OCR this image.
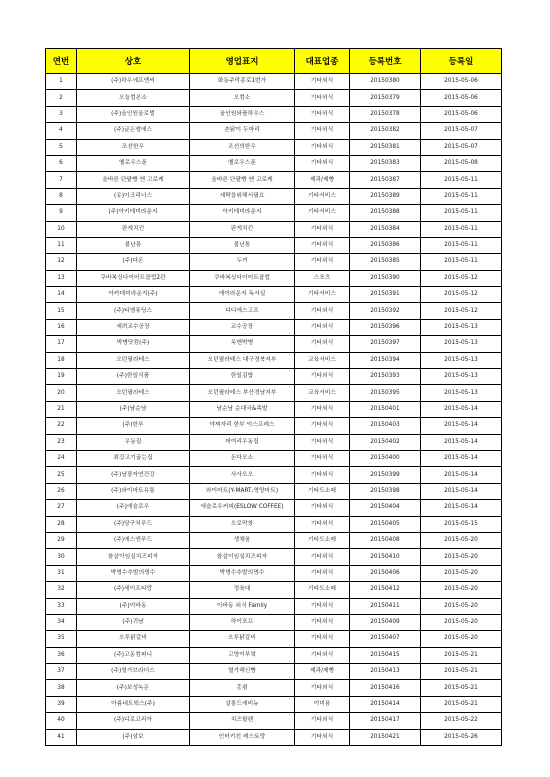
연번	상호	영업표지	대표업종	등록번호	등록일
1	(주)하우에프앤씨	화동주막종로1번가	기타외식	20150380	2015-05-06
2	오늘컴온소	오컴소	기타외식	20150379	2015-05-06
3	(주)올인원올로벌	올인원와플하우스	기타외식	20150378	2015-05-06
4	(주)글든엘에스	촌닭이 두마리	기타외식	20150382	2015-05-07
5	조선한우	조선의한우	기타외식	20150381	2015-05-07
6	옐로우스푼	옐로우스푼	기타외식	20150383	2015-05-08
7	올바른 단팥빵 앤 고로케	올바른 단팥빵 앤 고로케	제과/제빵	20150387	2015-05-11
8	(유)이크리너스	세탁을위해서필요	기타서비스	20150389	2015-05-11
9	(주)아키데미라운지	아키데미라운지	기타서비스	20150388	2015-05-11
10	판게치킨	판게치킨	기타외식	20150384	2015-05-11
11	불난통	불난통	기타외식	20150386	2015-05-11
12	(주)다온	두끼	기타외식	20150385	2015-05-11
13	쿠바복싱다이어트클럽2관	쿠바복싱다이어트클럽	스포츠	20150390	2015-05-12
14	아카데미라운지(주)	에이라운지 독서실	기타서비스	20150391	2015-05-12
15	(주)티엠퓨딩스	디디에스고프	기타외식	20150392	2015-05-12
16	세려교수공장	교수공장	기타외식	20150396	2015-05-13
17	박병닷컴(주)	옥앤박병	기타외식	20150397	2015-05-13
18	오던필라테스	오던필라테스 대구경북지부	교육서비스	20150394	2015-05-13
19	(주)한일식품	한일김밥	기타외식	20150393	2015-05-13
20	오던필라테스	오던필라테스 부산경남지부	교육서비스	20150395	2015-05-13
21	(주)남순남	남순남 순대국&족발	기타외식	20150401	2015-05-14
22	(주)한부	야찌자리 한부 익스프레스	기타외식	20150403	2015-05-14
23	우동집	머여리우동집	기타외식	20150402	2015-05-14
24	최강고기굽는집	돈다오소	기타외식	20150400	2015-05-14
25	(주)남광자연건강	사사오오	기타외식	20150399	2015-05-14
26	(주)와이마트유통	와이마트(Y-MART,영양마트)	기타도소매	20150398	2015-05-14
27	(주)에슬로우	에슬로우커피(ESLOW COFFEE)	기타외식	20150404	2015-05-14
28	(주)당구치푸드	오로막창	기타외식	20150405	2015-05-15
29	(주)에스엔푸드	생채움	기타도소매	20150408	2015-05-20
30	참살이임실치즈피자	참살이임실치즈피자	기타외식	20150410	2015-05-20
31	박명수추발의명수	박명수추발의명수	기타외식	20150406	2015-05-20
32	(주)세이프티랑	정육대	기타도소매	20150412	2015-05-20
33	(주)이바동	이바동 외식 Family	기타외식	20150411	2015-05-20
34	(주)귀남	하이포프	기타외식	20150409	2015-05-20
35	오투닭갈비	오투닭갈비	기타외식	20150407	2015-05-20
36	(주)고동컴퍼니	고양이부엌	기타외식	20150415	2015-05-21
37	(주)열가브라더스	열가해신빵	제과/제빵	20150413	2015-05-21
38	(주)보성녹돈	홍펌	기타외식	20150416	2015-05-21
39	아름네트웍스(주)	살롱드에비뉴	이미용	20150414	2015-05-21
40	(주)디로코리아	치즈할렌	기타외식	20150417	2015-05-22
41	(주)삼보	인터키친 레스토랑	기타외식	20150421	2015-05-26
